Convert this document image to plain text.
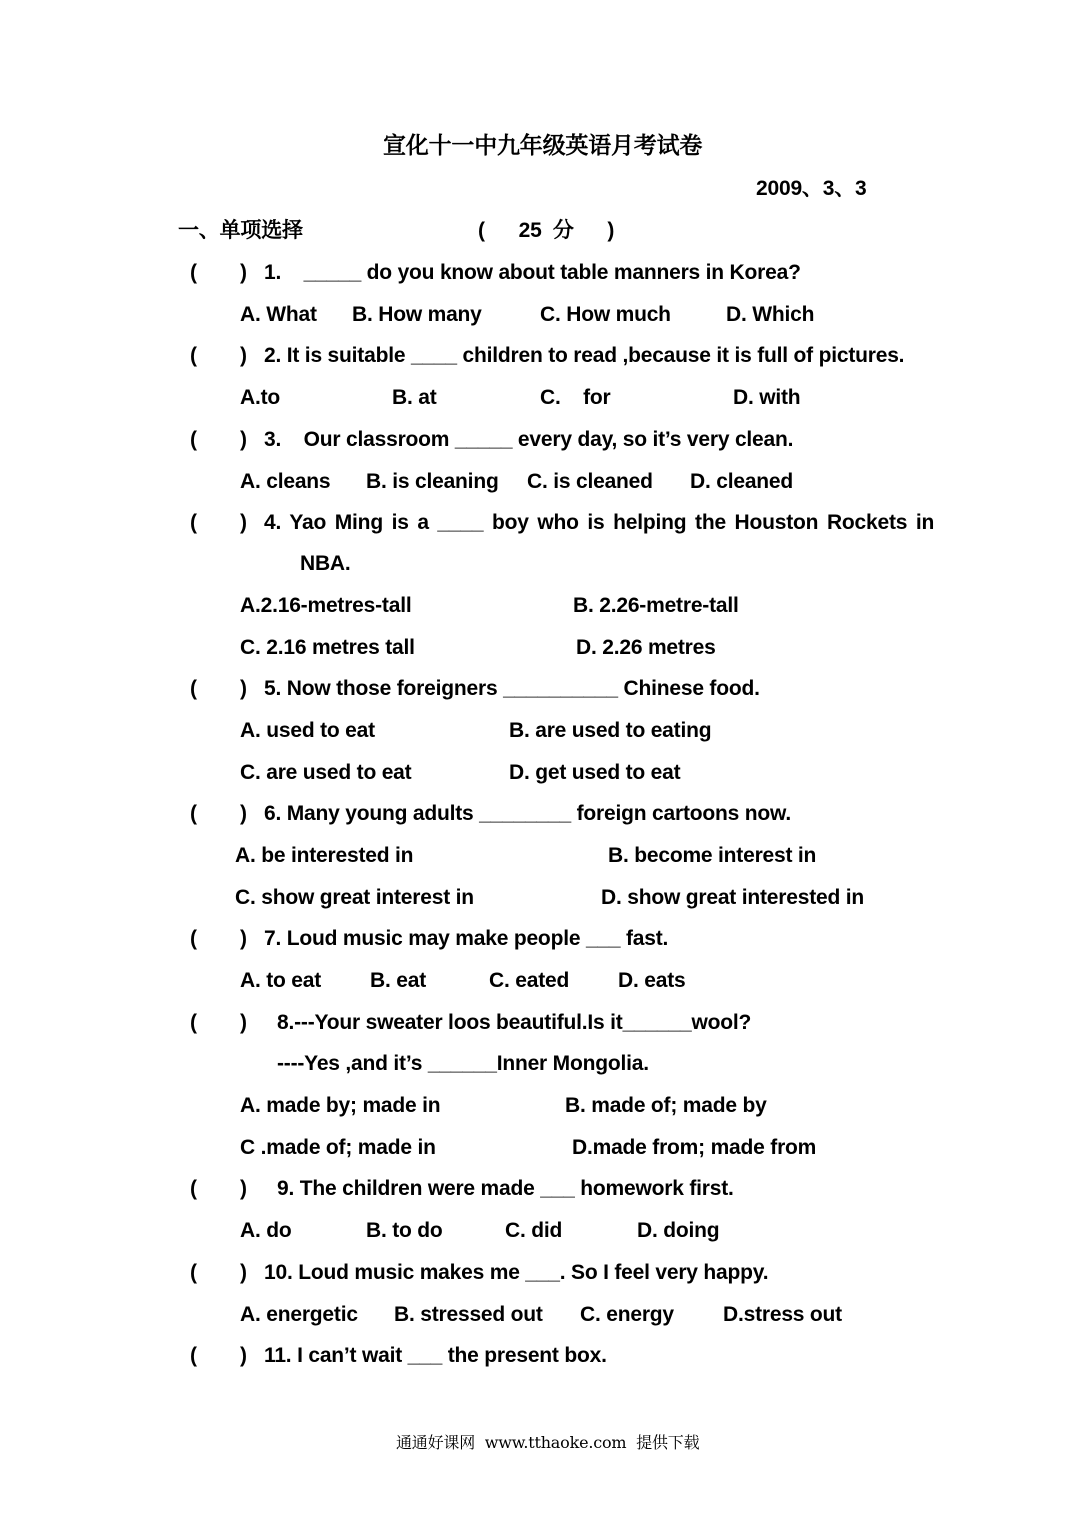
宣化十一中九年级英语月考试卷
2009、3、3
一、单项选择	(      25  分      )
( ) 1.    _____ do you know about table manners in Korea?
A. What B. How many	C. How much	D. Which
( ) 2. It is suitable ____ children to read ,because it is full of pictures.
A.to	B. at	C.    for	D. with
( ) 3.    Our classroom _____ every day, so it’s very clean.
A. cleans B. is cleaning C. is cleaned D. cleaned
( ) 4. Yao Ming is a ____ boy who is helping the Houston Rockets in
NBA.
A.2.16-metres-tall	B. 2.26-metre-tall
C. 2.16 metres tall	D. 2.26 metres
( ) 5. Now those foreigners __________ Chinese food.
A. used to eat	B. are used to eating
C. are used to eat	D. get used to eat
( ) 6. Many young adults ________ foreign cartoons now.
A. be interested in	B. become interest in
C. show great interest in	D. show great interested in
( ) 7. Loud music may make people ___ fast.
A. to eat B. eat	C. eated D. eats
( ) 8.---Your sweater loos beautiful.Is it______wool?
----Yes ,and it’s ______Inner Mongolia.
A. made by; made in	B. made of; made by
C .made of; made in	D.made from; made from
( ) 9. The children were made ___ homework first.
A. do	B. to do	C. did	D. doing
( ) 10. Loud music makes me ___. So I feel very happy.
A. energetic B. stressed out C. energy D.stress out
( ) 11. I can’t wait ___ the present box.
通通好课网  www.tthaoke.com  提供下载
